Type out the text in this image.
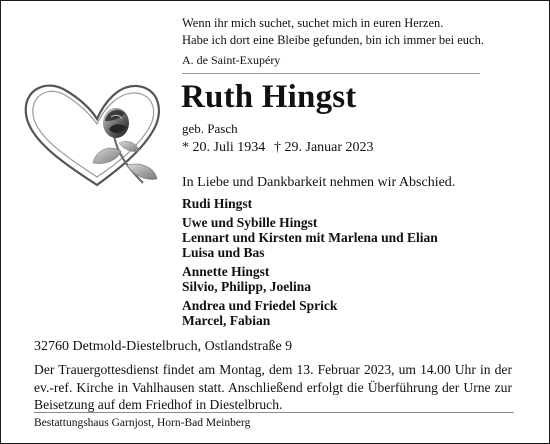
Wenn ihr mich suchet, suchet mich in euren Herzen.
Habe ich dort eine Bleibe gefunden, bin ich immer bei euch.
A. de Saint-Exupéry
Ruth Hingst
geb. Pasch
* 20. Juli 1934 † 29. Januar 2023
In Liebe und Dankbarkeit nehmen wir Abschied.
Rudi Hingst
Uwe und Sybille Hingst
Lennart und Kirsten mit Marlena und Elian
Luisa und Bas
Annette Hingst
Silvio, Philipp, Joelina
Andrea und Friedel Sprick
Marcel, Fabian
32760 Detmold-Diestelbruch, Ostlandstraße 9
Der Trauergottesdienst findet am Montag, dem 13. Februar 2023, um 14.00 Uhr in der ev.-ref. Kirche in Vahlhausen statt. Anschließend erfolgt die Überführung der Urne zur Beisetzung auf dem Friedhof in Diestelbruch.
Bestattungshaus Garnjost, Horn-Bad Meinberg
